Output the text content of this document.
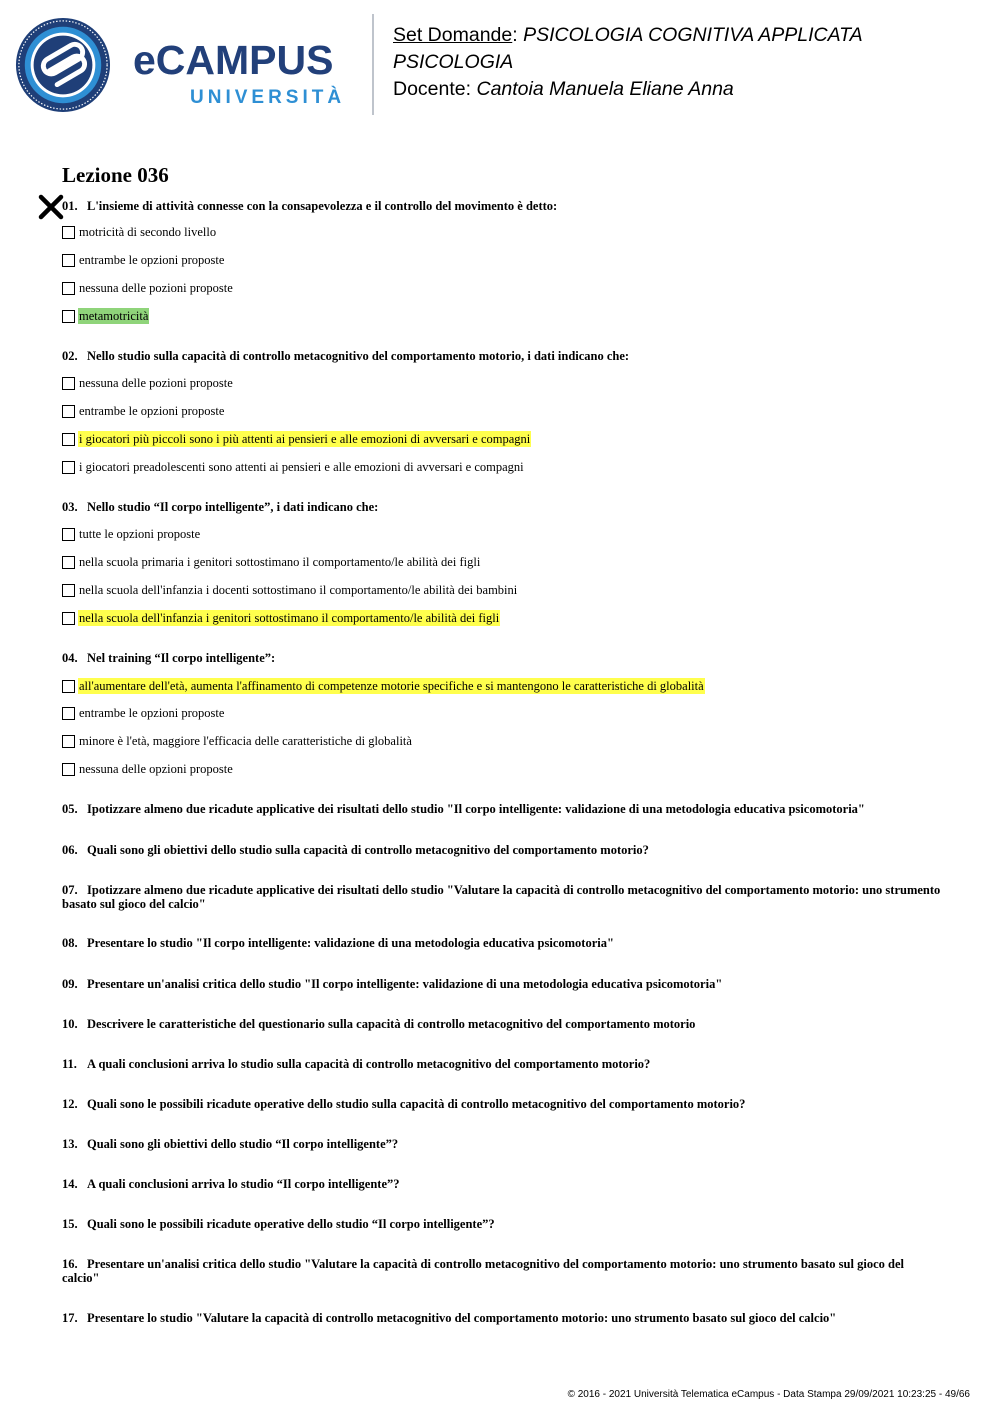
eCAMPUS
UNIVERSITÀ
Set Domande: PSICOLOGIA COGNITIVA APPLICATA
PSICOLOGIA
Docente: Cantoia Manuela Eliane Anna
Lezione 036
01. L'insieme di attività connesse con la consapevolezza e il controllo del movimento è detto:
motricità di secondo livello
entrambe le opzioni proposte
nessuna delle pozioni proposte
metamotricità
02. Nello studio sulla capacità di controllo metacognitivo del comportamento motorio, i dati indicano che:
nessuna delle pozioni proposte
entrambe le opzioni proposte
i giocatori più piccoli sono i più attenti ai pensieri e alle emozioni di avversari e compagni
i giocatori preadolescenti sono attenti ai pensieri e alle emozioni di avversari e compagni
03. Nello studio “Il corpo intelligente”, i dati indicano che:
tutte le opzioni proposte
nella scuola primaria i genitori sottostimano il comportamento/le abilità dei figli
nella scuola dell'infanzia i docenti sottostimano il comportamento/le abilità dei bambini
nella scuola dell'infanzia i genitori sottostimano il comportamento/le abilità dei figli
04. Nel training “Il corpo intelligente”:
all'aumentare dell'età, aumenta l'affinamento di competenze motorie specifiche e si mantengono le caratteristiche di globalità
entrambe le opzioni proposte
minore è l'età, maggiore l'efficacia delle caratteristiche di globalità
nessuna delle opzioni proposte
05. Ipotizzare almeno due ricadute applicative dei risultati dello studio "Il corpo intelligente: validazione di una metodologia educativa psicomotoria"
06. Quali sono gli obiettivi dello studio sulla capacità di controllo metacognitivo del comportamento motorio?
07. Ipotizzare almeno due ricadute applicative dei risultati dello studio "Valutare la capacità di controllo metacognitivo del comportamento motorio: uno strumento basato sul gioco del calcio"
08. Presentare lo studio "Il corpo intelligente: validazione di una metodologia educativa psicomotoria"
09. Presentare un'analisi critica dello studio "Il corpo intelligente: validazione di una metodologia educativa psicomotoria"
10. Descrivere le caratteristiche del questionario sulla capacità di controllo metacognitivo del comportamento motorio
11. A quali conclusioni arriva lo studio sulla capacità di controllo metacognitivo del comportamento motorio?
12. Quali sono le possibili ricadute operative dello studio sulla capacità di controllo metacognitivo del comportamento motorio?
13. Quali sono gli obiettivi dello studio “Il corpo intelligente”?
14. A quali conclusioni arriva lo studio “Il corpo intelligente”?
15. Quali sono le possibili ricadute operative dello studio “Il corpo intelligente”?
16. Presentare un'analisi critica dello studio "Valutare la capacità di controllo metacognitivo del comportamento motorio: uno strumento basato sul gioco del calcio"
17. Presentare lo studio "Valutare la capacità di controllo metacognitivo del comportamento motorio: uno strumento basato sul gioco del calcio"
© 2016 - 2021 Università Telematica eCampus - Data Stampa 29/09/2021 10:23:25 - 49/66
